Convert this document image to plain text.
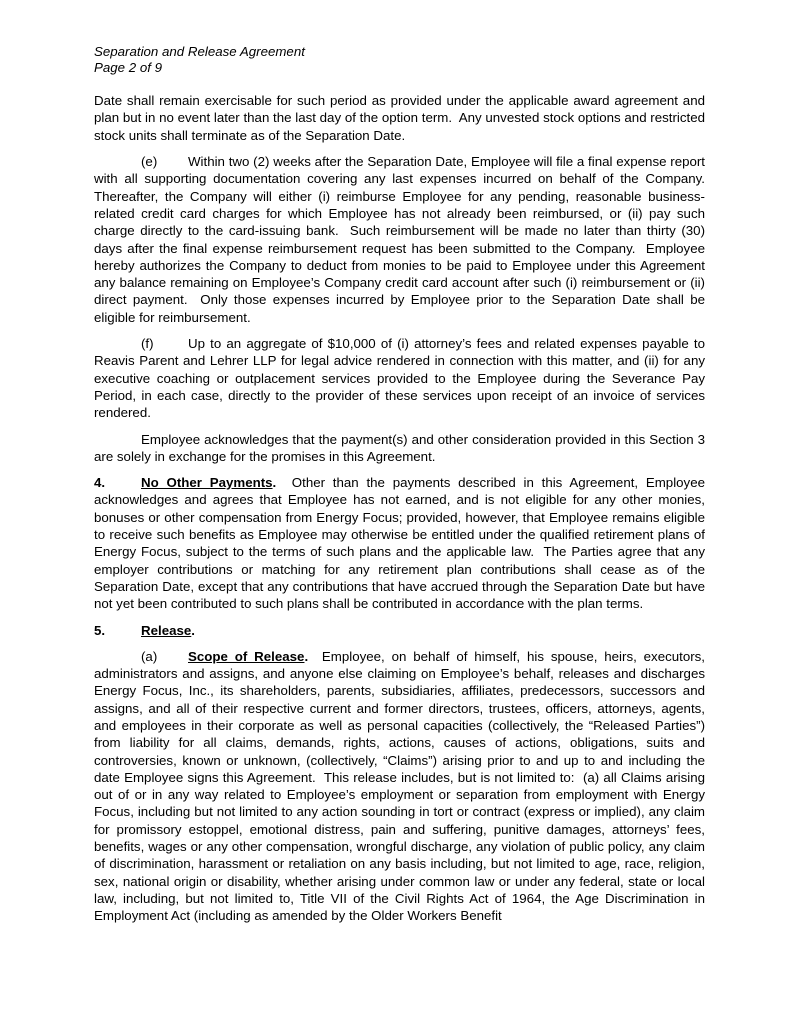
Separation and Release Agreement
Page 2 of 9

Date shall remain exercisable for such period as provided under the applicable award agreement and plan but in no event later than the last day of the option term.  Any unvested stock options and restricted stock units shall terminate as of the Separation Date.

(e) Within two (2) weeks after the Separation Date, Employee will file a final expense report with all supporting documentation covering any last expenses incurred on behalf of the Company.  Thereafter, the Company will either (i) reimburse Employee for any pending, reasonable business-related credit card charges for which Employee has not already been reimbursed, or (ii) pay such charge directly to the card-issuing bank.  Such reimbursement will be made no later than thirty (30) days after the final expense reimbursement request has been submitted to the Company.  Employee hereby authorizes the Company to deduct from monies to be paid to Employee under this Agreement any balance remaining on Employee’s Company credit card account after such (i) reimbursement or (ii) direct payment.  Only those expenses incurred by Employee prior to the Separation Date shall be eligible for reimbursement.

(f)	Up to an aggregate of $10,000 of (i) attorney’s fees and related expenses payable to Reavis Parent and Lehrer LLP for legal advice rendered in connection with this matter, and (ii) for any executive coaching or outplacement services provided to the Employee during the Severance Pay Period, in each case, directly to the provider of these services upon receipt of an invoice of services rendered.

Employee acknowledges that the payment(s) and other consideration provided in this Section 3 are solely in exchange for the promises in this Agreement.

4.	No Other Payments.  Other than the payments described in this Agreement, Employee acknowledges and agrees that Employee has not earned, and is not eligible for any other monies, bonuses or other compensation from Energy Focus; provided, however, that Employee remains eligible to receive such benefits as Employee may otherwise be entitled under the qualified retirement plans of Energy Focus, subject to the terms of such plans and the applicable law.  The Parties agree that any employer contributions or matching for any retirement plan contributions shall cease as of the Separation Date, except that any contributions that have accrued through the Separation Date but have not yet been contributed to such plans shall be contributed in accordance with the plan terms.

5.	Release.

(a) Scope of Release.  Employee, on behalf of himself, his spouse, heirs, executors, administrators and assigns, and anyone else claiming on Employee’s behalf, releases and discharges Energy Focus, Inc., its shareholders, parents, subsidiaries, affiliates, predecessors, successors and assigns, and all of their respective current and former directors, trustees, officers, attorneys, agents, and employees in their corporate as well as personal capacities (collectively, the “Released Parties”) from liability for all claims, demands, rights, actions, causes of actions, obligations, suits and controversies, known or unknown, (collectively, “Claims”) arising prior to and up to and including the date Employee signs this Agreement.  This release includes, but is not limited to:  (a) all Claims arising out of or in any way related to Employee’s employment or separation from employment with Energy Focus, including but not limited to any action sounding in tort or contract (express or implied), any claim for promissory estoppel, emotional distress, pain and suffering, punitive damages, attorneys’ fees, benefits, wages or any other compensation, wrongful discharge, any violation of public policy, any claim of discrimination, harassment or retaliation on any basis including, but not limited to age, race, religion, sex, national origin or disability, whether arising under common law or under any federal, state or local law, including, but not limited to, Title VII of the Civil Rights Act of 1964, the Age Discrimination in Employment Act (including as amended by the Older Workers Benefit
